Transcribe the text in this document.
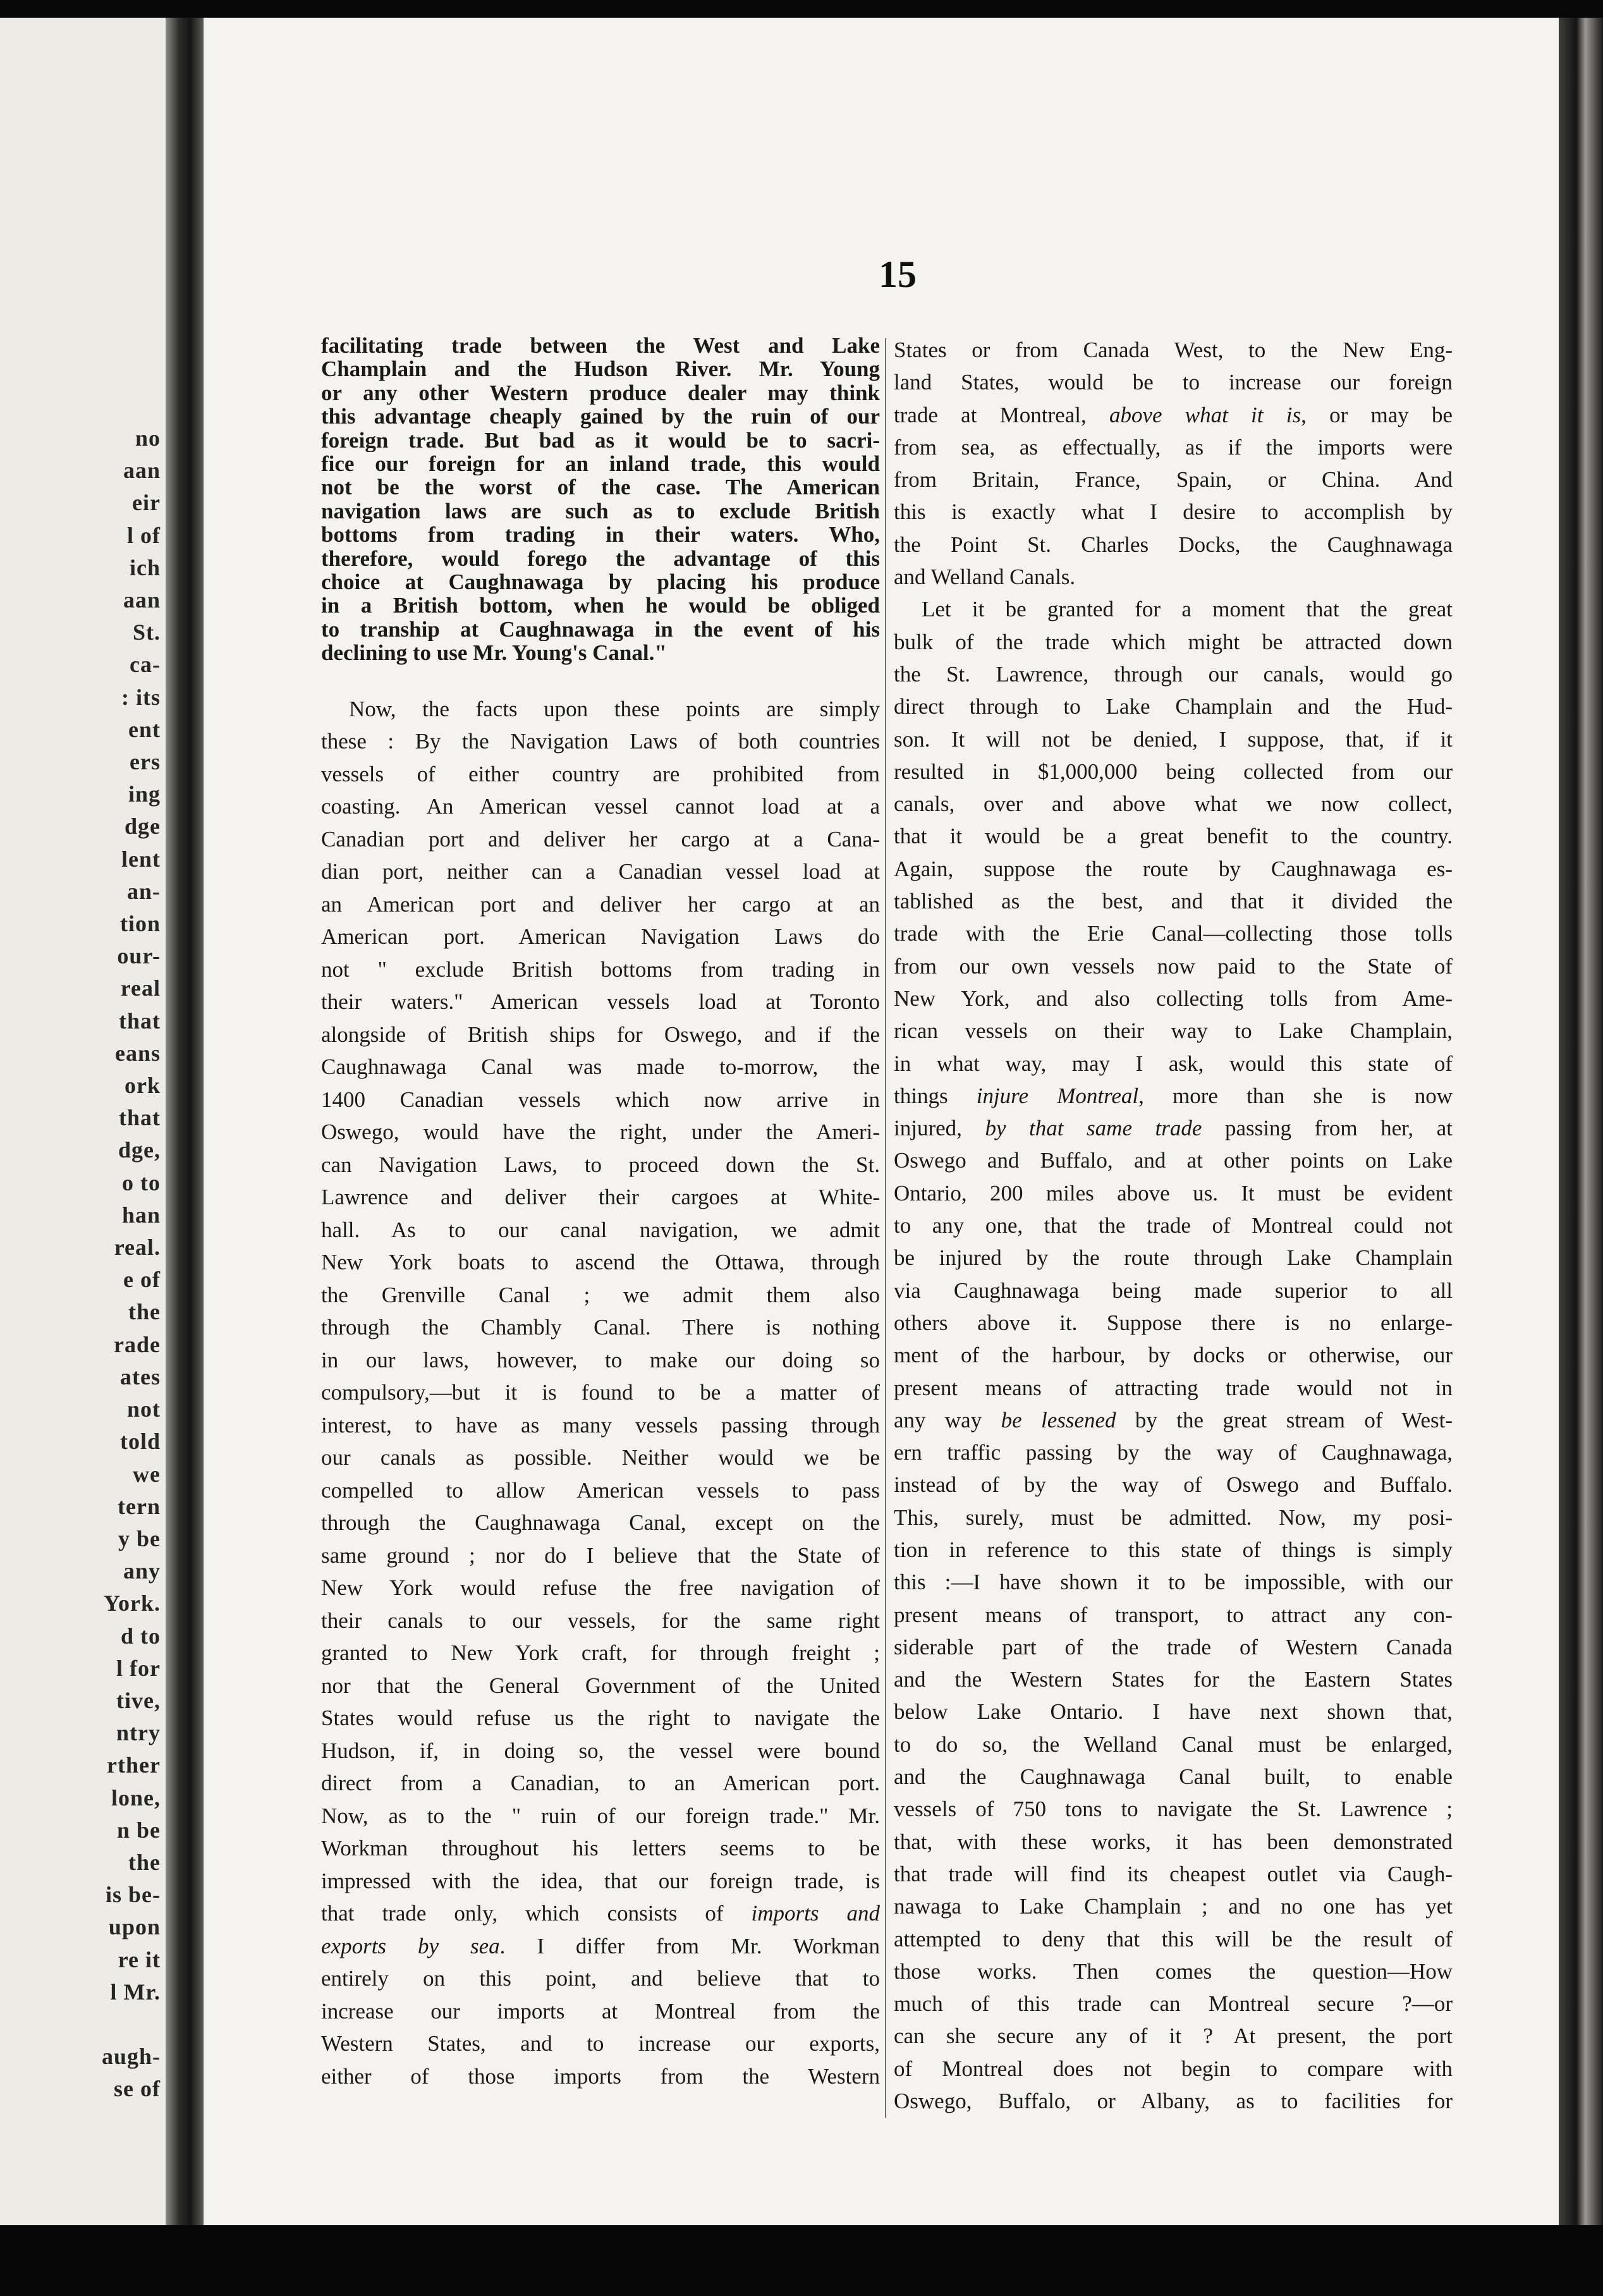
no
aan
eir
l of
ich
aan
St.
ca-
: its
ent
ers
ing
dge
lent
an-
tion
our-
real
that
eans
ork
that
dge,
o to
han
real.
e of
the
rade
ates
not
told
we
tern
y be
any
York.
d to
l for
tive,
ntry
rther
lone,
n be
the
is be-
upon
re it
l Mr.

augh-
se of
15
facilitating trade between the West and Lake
Champlain and the Hudson River. Mr. Young
or any other Western produce dealer may think
this advantage cheaply gained by the ruin of our
foreign trade. But bad as it would be to sacri-
fice our foreign for an inland trade, this would
not be the worst of the case. The American
navigation laws are such as to exclude British
bottoms from trading in their waters. Who,
therefore, would forego the advantage of this
choice at Caughnawaga by placing his produce
in a British bottom, when he would be obliged
to tranship at Caughnawaga in the event of his
declining to use Mr. Young's Canal."
Now, the facts upon these points are simply
these : By the Navigation Laws of both countries
vessels of either country are prohibited from
coasting. An American vessel cannot load at a
Canadian port and deliver her cargo at a Cana-
dian port, neither can a Canadian vessel load at
an American port and deliver her cargo at an
American port. American Navigation Laws do
not " exclude British bottoms from trading in
their waters." American vessels load at Toronto
alongside of British ships for Oswego, and if the
Caughnawaga Canal was made to-morrow, the
1400 Canadian vessels which now arrive in
Oswego, would have the right, under the Ameri-
can Navigation Laws, to proceed down the St.
Lawrence and deliver their cargoes at White-
hall. As to our canal navigation, we admit
New York boats to ascend the Ottawa, through
the Grenville Canal ; we admit them also
through the Chambly Canal. There is nothing
in our laws, however, to make our doing so
compulsory,—but it is found to be a matter of
interest, to have as many vessels passing through
our canals as possible. Neither would we be
compelled to allow American vessels to pass
through the Caughnawaga Canal, except on the
same ground ; nor do I believe that the State of
New York would refuse the free navigation of
their canals to our vessels, for the same right
granted to New York craft, for through freight ;
nor that the General Government of the United
States would refuse us the right to navigate the
Hudson, if, in doing so, the vessel were bound
direct from a Canadian, to an American port.
Now, as to the " ruin of our foreign trade." Mr.
Workman throughout his letters seems to be
impressed with the idea, that our foreign trade, is
that trade only, which consists of imports and
exports by sea. I differ from Mr. Workman
entirely on this point, and believe that to
increase our imports at Montreal from the
Western States, and to increase our exports,
either of those imports from the Western
States or from Canada West, to the New Eng-
land States, would be to increase our foreign
trade at Montreal, above what it is, or may be
from sea, as effectually, as if the imports were
from Britain, France, Spain, or China. And
this is exactly what I desire to accomplish by
the Point St. Charles Docks, the Caughnawaga
and Welland Canals.
Let it be granted for a moment that the great
bulk of the trade which might be attracted down
the St. Lawrence, through our canals, would go
direct through to Lake Champlain and the Hud-
son. It will not be denied, I suppose, that, if it
resulted in $1,000,000 being collected from our
canals, over and above what we now collect,
that it would be a great benefit to the country.
Again, suppose the route by Caughnawaga es-
tablished as the best, and that it divided the
trade with the Erie Canal—collecting those tolls
from our own vessels now paid to the State of
New York, and also collecting tolls from Ame-
rican vessels on their way to Lake Champlain,
in what way, may I ask, would this state of
things injure Montreal, more than she is now
injured, by that same trade passing from her, at
Oswego and Buffalo, and at other points on Lake
Ontario, 200 miles above us. It must be evident
to any one, that the trade of Montreal could not
be injured by the route through Lake Champlain
via Caughnawaga being made superior to all
others above it. Suppose there is no enlarge-
ment of the harbour, by docks or otherwise, our
present means of attracting trade would not in
any way be lessened by the great stream of West-
ern traffic passing by the way of Caughnawaga,
instead of by the way of Oswego and Buffalo.
This, surely, must be admitted. Now, my posi-
tion in reference to this state of things is simply
this :—I have shown it to be impossible, with our
present means of transport, to attract any con-
siderable part of the trade of Western Canada
and the Western States for the Eastern States
below Lake Ontario. I have next shown that,
to do so, the Welland Canal must be enlarged,
and the Caughnawaga Canal built, to enable
vessels of 750 tons to navigate the St. Lawrence ;
that, with these works, it has been demonstrated
that trade will find its cheapest outlet via Caugh-
nawaga to Lake Champlain ; and no one has yet
attempted to deny that this will be the result of
those works. Then comes the question—How
much of this trade can Montreal secure ?—or
can she secure any of it ? At present, the port
of Montreal does not begin to compare with
Oswego, Buffalo, or Albany, as to facilities for
